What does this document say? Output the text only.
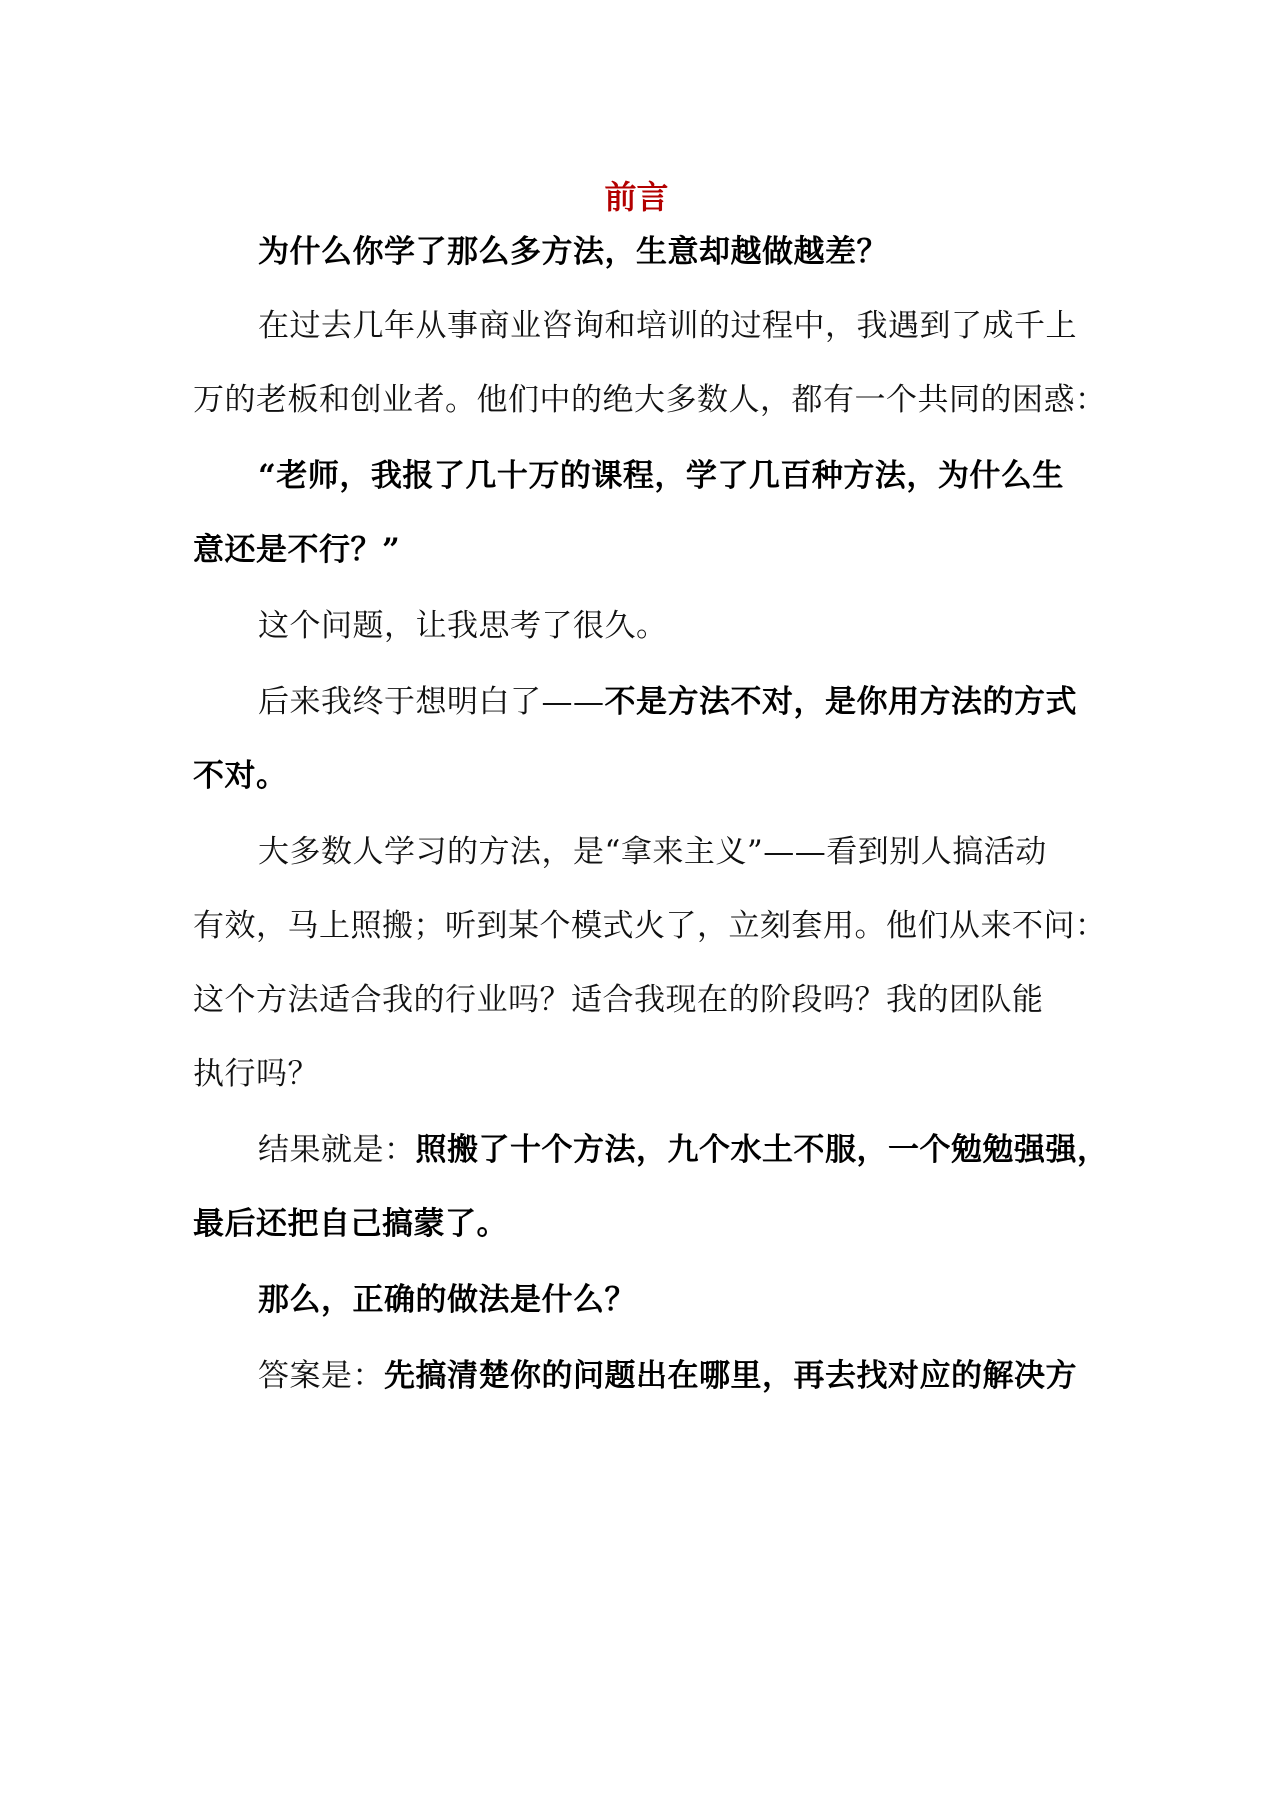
前言

为什么你学了那么多方法，生意却越做越差？

在过去几年从事商业咨询和培训的过程中，我遇到了成千上

万的老板和创业者。他们中的绝大多数人，都有一个共同的困惑：

“老师，我报了几十万的课程，学了几百种方法，为什么生

意还是不行？”

这个问题，让我思考了很久。

后来我终于想明白了——不是方法不对，是你用方法的方式

不对。

大多数人学习的方法，是“拿来主义”——看到别人搞活动

有效，马上照搬；听到某个模式火了，立刻套用。他们从来不问：

这个方法适合我的行业吗？适合我现在的阶段吗？我的团队能

执行吗？

结果就是：照搬了十个方法，九个水土不服，一个勉勉强强，

最后还把自己搞蒙了。

那么，正确的做法是什么？

答案是：先搞清楚你的问题出在哪里，再去找对应的解决方
